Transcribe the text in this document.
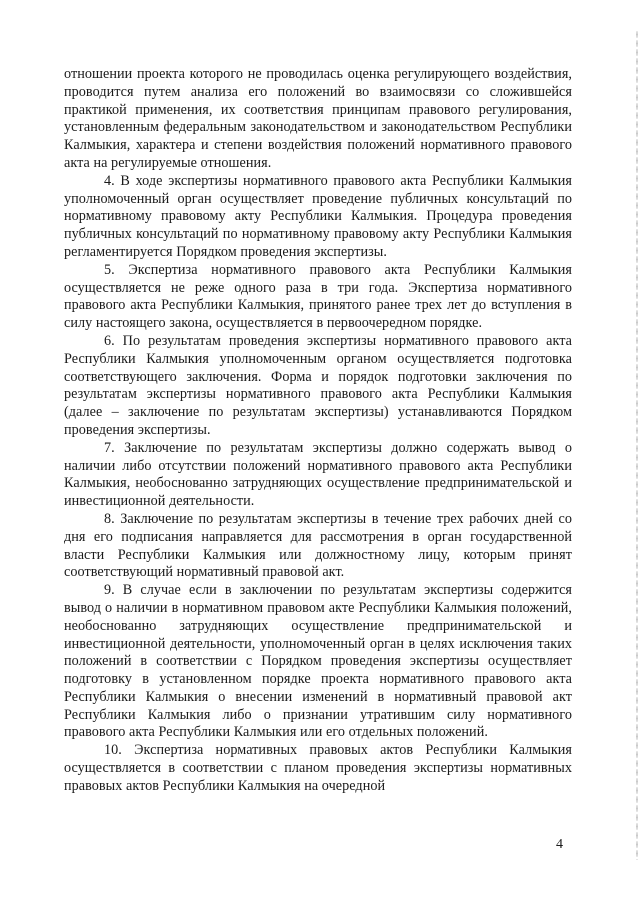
отношении проекта которого не проводилась оценка регулирующего воздействия, проводится путем анализа его положений во взаимосвязи со сложившейся практикой применения, их соответствия принципам правового регулирования, установленным федеральным законодательством и законодательством Республики Калмыкия, характера и степени воздействия положений нормативного правового акта на регулируемые отношения.

4. В ходе экспертизы нормативного правового акта Республики Калмыкия уполномоченный орган осуществляет проведение публичных консультаций по нормативному правовому акту Республики Калмыкия. Процедура проведения публичных консультаций по нормативному правовому акту Республики Калмыкия регламентируется Порядком проведения экспертизы.

5. Экспертиза нормативного правового акта Республики Калмыкия осуществляется не реже одного раза в три года. Экспертиза нормативного правового акта Республики Калмыкия, принятого ранее трех лет до вступления в силу настоящего закона, осуществляется в первоочередном порядке.

6. По результатам проведения экспертизы нормативного правового акта Республики Калмыкия уполномоченным органом осуществляется подготовка соответствующего заключения. Форма и порядок подготовки заключения по результатам экспертизы нормативного правового акта Республики Калмыкия (далее – заключение по результатам экспертизы) устанавливаются Порядком проведения экспертизы.

7. Заключение по результатам экспертизы должно содержать вывод о наличии либо отсутствии положений нормативного правового акта Республики Калмыкия, необоснованно затрудняющих осуществление предпринимательской и инвестиционной деятельности.

8. Заключение по результатам экспертизы в течение трех рабочих дней со дня его подписания направляется для рассмотрения в орган государственной власти Республики Калмыкия или должностному лицу, которым принят соответствующий нормативный правовой акт.

9. В случае если в заключении по результатам экспертизы содержится вывод о наличии в нормативном правовом акте Республики Калмыкия положений, необоснованно затрудняющих осуществление предпринимательской и инвестиционной деятельности, уполномоченный орган в целях исключения таких положений в соответствии с Порядком проведения экспертизы осуществляет подготовку в установленном порядке проекта нормативного правового акта Республики Калмыкия о внесении изменений в нормативный правовой акт Республики Калмыкия либо о признании утратившим силу нормативного правового акта Республики Калмыкия или его отдельных положений.

10. Экспертиза нормативных правовых актов Республики Калмыкия осуществляется в соответствии с планом проведения экспертизы нормативных правовых актов Республики Калмыкия на очередной

4
